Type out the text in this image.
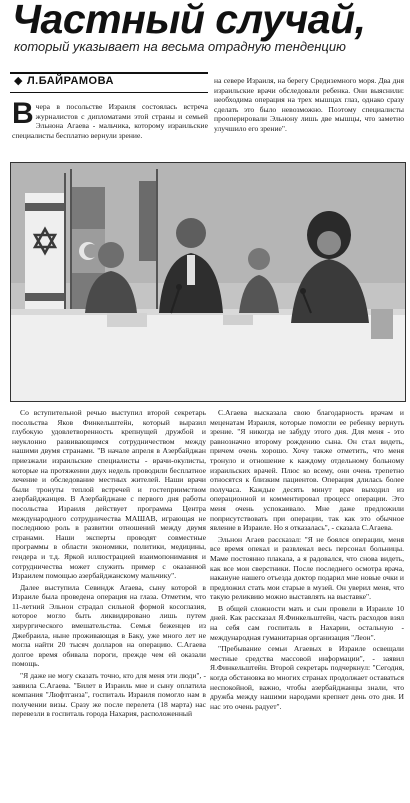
Частный случай,

который указывает на весьма отрадную тенденцию

◆ Л.БАЙРАМОВА

Вчера в посольстве Израиля состоялась встреча журналистов с дипломатами этой страны и семьей Эльнона Агаева - мальчика, которому израильские специалисты бесплатно вернули зрение.

на севере Израиля, на берегу Средиземного моря. Два дня израильские врачи обследовали ребенка. Они выяснили: необходима операция на трех мышцах глаз, однако сразу сделать это было невозможно. Поэтому специалисты прооперировали Эльнону лишь две мышцы, что заметно улучшило его зрение".

Со вступительной речью выступил второй секретарь посольства Яков Финкельштейн, который выразил глубокую удовлетворенность крепнущей дружбой и неуклонно развивающимся сотрудничеством между нашими двумя странами. "В начале апреля в Азербайджан приезжали израильские специалисты - врачи-окулисты, которые на протяжении двух недель проводили бесплатное лечение и обследование местных жителей. Наши врачи были тронуты теплой встречей и гостеприимством азербайджанцев. В Азербайджане с первого дня работы посольства Израиля действует программа Центра международного сотрудничества МАШАВ, играющая не последнюю роль в развитии отношений между двумя странами. Наши эксперты проводят совместные программы в области экономики, политики, медицины, гендера и т.д. Яркой иллюстрацией взаимопонимания и сотрудничества может служить пример с оказанной Израилем помощью азербайджанскому мальчику".

Далее выступила Севиндж Агаева, сыну которой в Израиле была проведена операция на глаза. Отметим, что 11-летний Эльнон страдал сильной формой косоглазия, которое могло быть ликвидировано лишь путем хирургического вмешательства. Семья беженцев из Джебраила, ныне проживающая в Баку, уже много лет не могла найти 20 тысяч долларов на операцию. С.Агаева долгое время обивала пороги, прежде чем ей оказали помощь.

"Я даже не могу сказать точно, кто для меня эти люди", - заявила С.Агаева. "Билет в Израиль мне и сыну оплатила компания "Люфтганза", госпиталь Израиля помогло нам в получении визы. Сразу же после перелета (18 марта) нас перевезли в госпиталь города Нахария, расположенный

С.Агаева высказала свою благодарность врачам и меценатам Израиля, которые помогли ее ребенку вернуть зрение. "Я никогда не забуду этого дня. Для меня - это равнозначно второму рождению сына. Он стал видеть, причем очень хорошо. Хочу также отметить, что меня тронуло и отношение к каждому отдельному больному израильских врачей. Плюс ко всему, они очень трепетно относятся к близким пациентов. Операция длилась более получаса. Каждые десять минут врач выходил из операционной и комментировал процесс операции. Это меня очень успокаивало. Мне даже предложили поприсутствовать при операции, так как это обычное явление в Израиле. Но я отказалась", - сказала С.Агаева.

Эльнон Агаев рассказал: "Я не боялся операции, меня все время опекал и развлекал весь персонал больницы. Маме постоянно плакала, а я радовался, что снова видеть, как все мои сверстники. После последнего осмотра врача, накануне нашего отъезда доктор подарил мне новые очки и предложил стать мои старые в музей. Он уверил меня, что такую реликвию можно выставлять на выставке".

В общей сложности мать и сын провели в Израиле 10 дней. Как рассказал Я.Финкельштейн, часть расходов взял на себя сам госпиталь в Нахарии, остальную - международная гуманитарная организация "Леон".

"Пребывание семьи Агаевых в Израиле освещали местные средства массовой информации", - заявил Я.Финкельштейн. Второй секретарь подчеркнул: "Сегодня, когда обстановка во многих странах продолжает оставаться неспокойной, важно, чтобы азербайджанцы знали, что дружба между нашими народами крепнет день ото дня. И нас это очень радует".
